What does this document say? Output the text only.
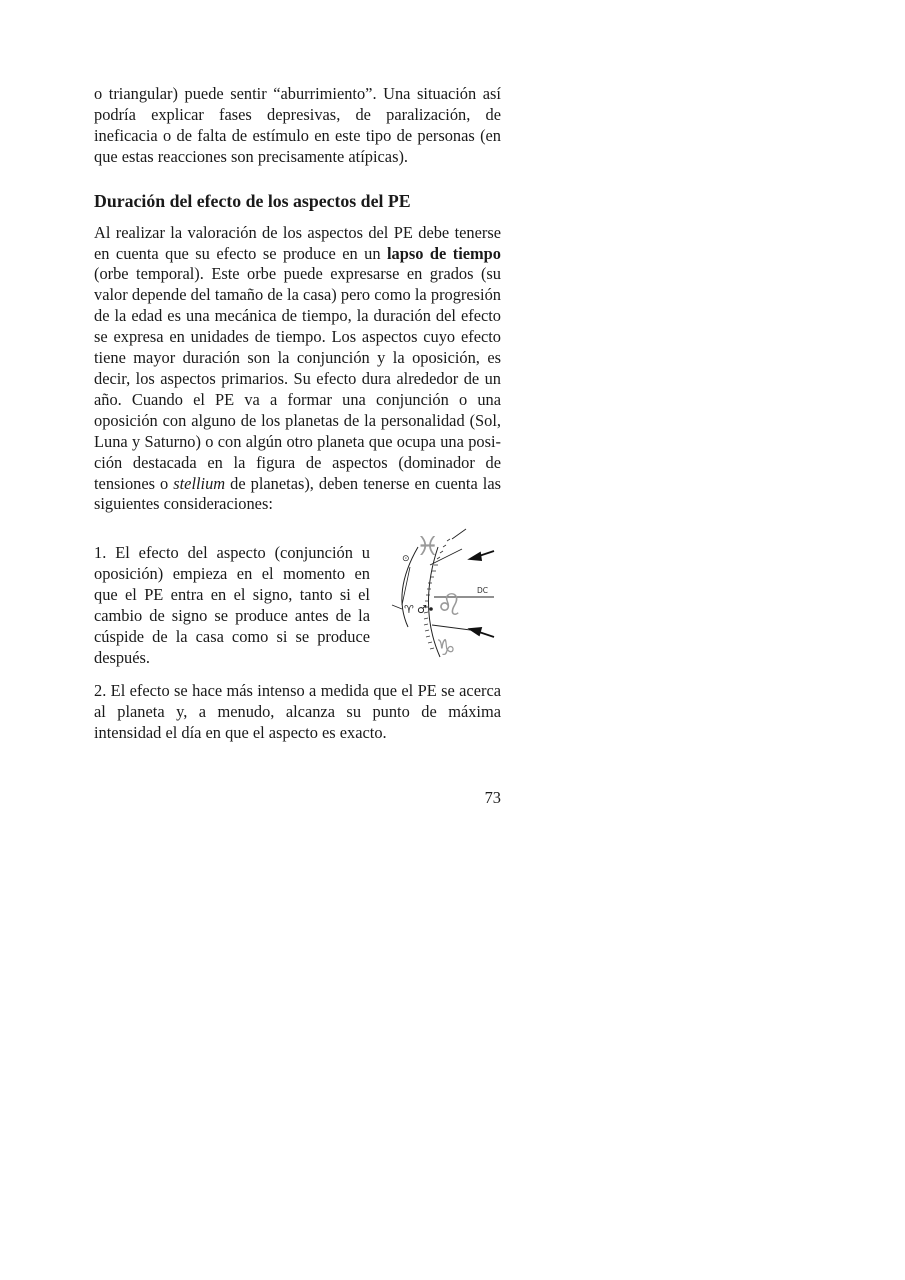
o triangular) puede sentir “aburrimiento”. Una situación así podría explicar fases depresivas, de paralización, de ineficacia o de falta de estímulo en este tipo de personas (en que estas reacciones son precisamente atípicas).

Duración del efecto de los aspectos del PE

Al realizar la valoración de los aspectos del PE debe tenerse en cuenta que su efecto se produce en un lapso de tiempo (orbe temporal). Este orbe puede expresarse en grados (su valor depende del tamaño de la casa) pero como la progresión de la edad es una mecánica de tiempo, la duración del efecto se expresa en unidades de tiempo. Los aspectos cuyo efecto tiene mayor duración son la conjunción y la oposición, es decir, los aspectos primarios. Su efecto dura alrededor de un año. Cuando el PE va a formar una conjunción o una oposición con alguno de los planetas de la personalidad (Sol, Luna y Saturno) o con algún otro planeta que ocupa una posición destacada en la figura de aspectos (dominador de tensiones o stellium de planetas), deben tenerse en cuenta las siguientes consideraciones:

1. El efecto del aspecto (conjunción u oposición) empieza en el momento en que el PE entra en el signo, tanto si el cambio de signo se produce antes de la cúspide de la casa como si se produce después.

♓
♌
♑
DC
⊙
♈ ♂

2. El efecto se hace más intenso a medida que el PE se acerca al planeta y, a menudo, alcanza su punto de máxima intensidad el día en que el aspecto es exacto.

73
